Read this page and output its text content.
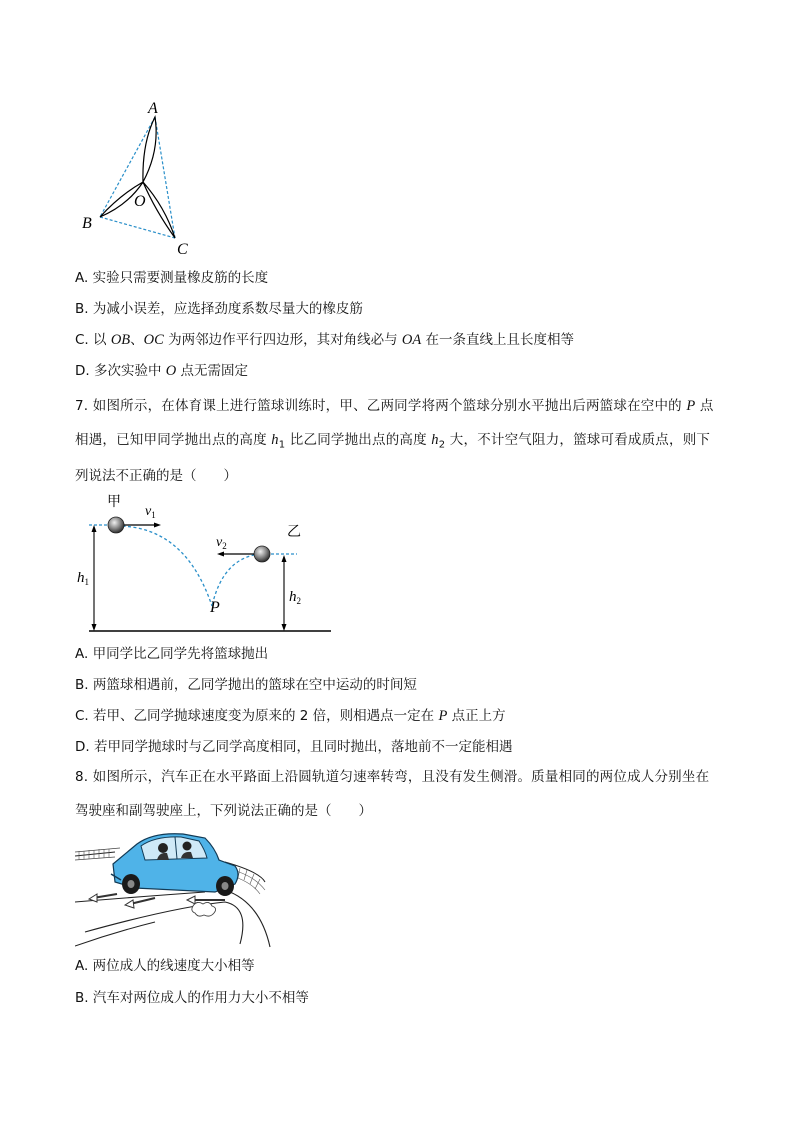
A
B
C
O
A. 实验只需要测量橡皮筋的长度
B. 为减小误差，应选择劲度系数尽量大的橡皮筋
C. 以 OB、OC 为两邻边作平行四边形，其对角线必与 OA 在一条直线上且长度相等
D. 多次实验中 O 点无需固定
7. 如图所示，在体育课上进行篮球训练时，甲、乙两同学将两个篮球分别水平抛出后两篮球在空中的 P 点
相遇，已知甲同学抛出点的高度 $h_1$ 比乙同学抛出点的高度 $h_2$ 大，不计空气阻力，篮球可看成质点，则下
列说法不正确的是（　　）
甲
乙
$v_1$
$v_2$
$h_1$
$h_2$
P
A. 甲同学比乙同学先将篮球抛出
B. 两篮球相遇前，乙同学抛出的篮球在空中运动的时间短
C. 若甲、乙同学抛球速度变为原来的 2 倍，则相遇点一定在 P 点正上方
D. 若甲同学抛球时与乙同学高度相同，且同时抛出，落地前不一定能相遇
8. 如图所示，汽车正在水平路面上沿圆轨道匀速率转弯，且没有发生侧滑。质量相同的两位成人分别坐在
驾驶座和副驾驶座上，下列说法正确的是（　　）
A. 两位成人的线速度大小相等
B. 汽车对两位成人的作用力大小不相等
